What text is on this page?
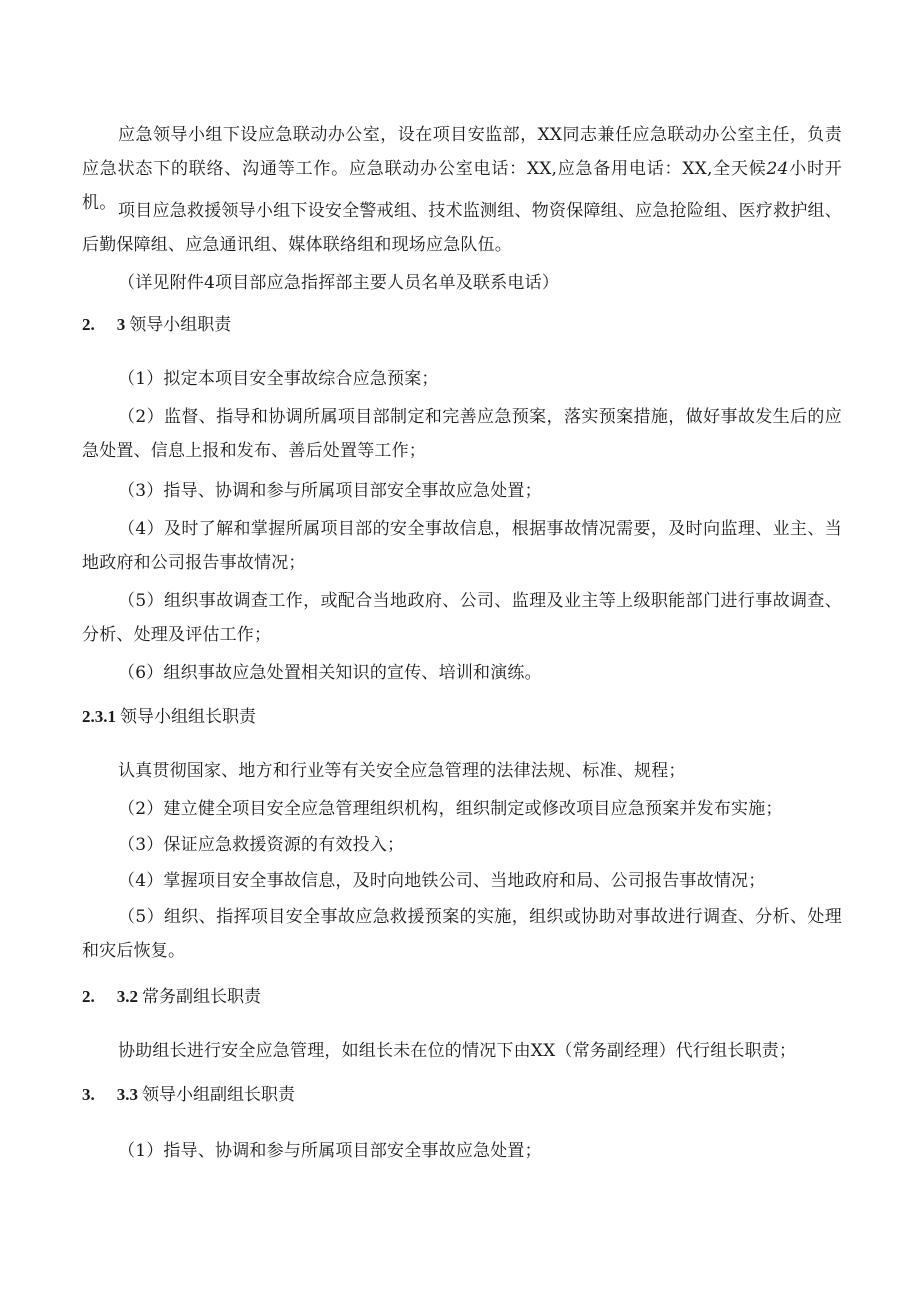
应急领导小组下设应急联动办公室，设在项目安监部，XX同志兼任应急联动办公室主任，负责应急状态下的联络、沟通等工作。应急联动办公室电话：XX,应急备用电话：XX,全天候24小时开机。 项目应急救援领导小组下设安全警戒组、技术监测组、物资保障组、应急抢险组、医疗救护组、后勤保障组、应急通讯组、媒体联络组和现场应急队伍。

（详见附件4项目部应急指挥部主要人员名单及联系电话）

2. 3 领导小组职责

（1）拟定本项目安全事故综合应急预案；

（2）监督、指导和协调所属项目部制定和完善应急预案，落实预案措施，做好事故发生后的应急处置、信息上报和发布、善后处置等工作；

（3）指导、协调和参与所属项目部安全事故应急处置；

（4）及时了解和掌握所属项目部的安全事故信息，根据事故情况需要，及时向监理、业主、当地政府和公司报告事故情况；

（5）组织事故调查工作，或配合当地政府、公司、监理及业主等上级职能部门进行事故调查、分析、处理及评估工作；

（6）组织事故应急处置相关知识的宣传、培训和演练。

2.3.1 领导小组组长职责

认真贯彻国家、地方和行业等有关安全应急管理的法律法规、标准、规程；

（2）建立健全项目安全应急管理组织机构，组织制定或修改项目应急预案并发布实施；

（3）保证应急救援资源的有效投入；

（4）掌握项目安全事故信息，及时向地铁公司、当地政府和局、公司报告事故情况；

（5）组织、指挥项目安全事故应急救援预案的实施，组织或协助对事故进行调查、分析、处理和灾后恢复。

2. 3.2 常务副组长职责

协助组长进行安全应急管理，如组长未在位的情况下由XX（常务副经理）代行组长职责；

3. 3.3 领导小组副组长职责

（1）指导、协调和参与所属项目部安全事故应急处置；
